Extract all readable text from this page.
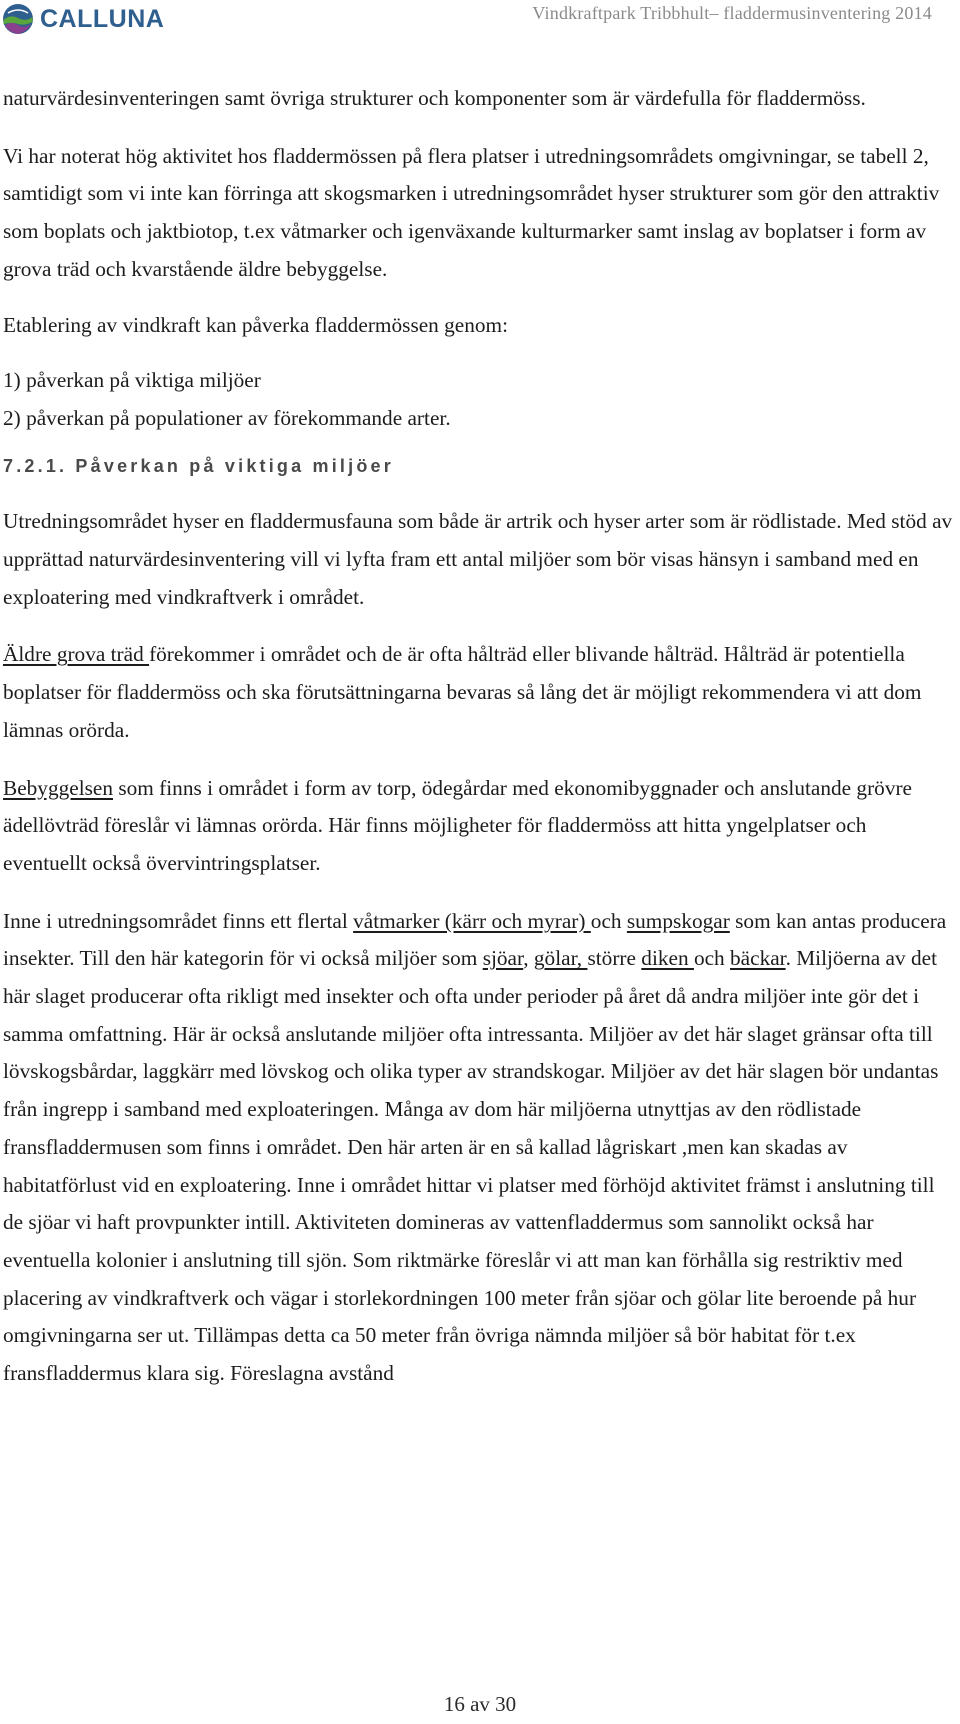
CALLUNA	Vindkraftpark Tribbhult– fladdermusinventering 2014

naturvärdesinventeringen samt övriga strukturer och komponenter som är värdefulla för fladdermöss.

Vi har noterat hög aktivitet hos fladdermössen på flera platser i utredningsområdets omgivningar, se tabell 2, samtidigt som vi inte kan förringa att skogsmarken i utredningsområdet hyser strukturer som gör den attraktiv som boplats och jaktbiotop, t.ex våtmarker och igenväxande kulturmarker samt inslag av boplatser i form av grova träd och kvarstående äldre bebyggelse.

Etablering av vindkraft kan påverka fladdermössen genom:

1) påverkan på viktiga miljöer

2) påverkan på populationer av förekommande arter.

7.2.1. Påverkan på viktiga miljöer

Utredningsområdet hyser en fladdermusfauna som både är artrik och hyser arter som är rödlistade. Med stöd av upprättad naturvärdesinventering vill vi lyfta fram ett antal miljöer som bör visas hänsyn i samband med en exploatering med vindkraftverk i området.

Äldre grova träd förekommer i området och de är ofta hålträd eller blivande hålträd. Hålträd är potentiella boplatser för fladdermöss och ska förutsättningarna bevaras så lång det är möjligt rekommendera vi att dom lämnas orörda.

Bebyggelsen som finns i området i form av torp, ödegårdar med ekonomibyggnader och anslutande grövre ädellövträd föreslår vi lämnas orörda. Här finns möjligheter för fladdermöss att hitta yngelplatser och eventuellt också övervintringsplatser.

Inne i utredningsområdet finns ett flertal våtmarker (kärr och myrar) och sumpskogar som kan antas producera insekter. Till den här kategorin för vi också miljöer som sjöar, gölar, större diken och bäckar. Miljöerna av det här slaget producerar ofta rikligt med insekter och ofta under perioder på året då andra miljöer inte gör det i samma omfattning. Här är också anslutande miljöer ofta intressanta. Miljöer av det här slaget gränsar ofta till lövskogsbårdar, laggkärr med lövskog och olika typer av strandskogar. Miljöer av det här slagen bör undantas från ingrepp i samband med exploateringen. Många av dom här miljöerna utnyttjas av den rödlistade fransfladdermusen som finns i området. Den här arten är en så kallad lågriskart ,men kan skadas av habitatförlust vid en exploatering. Inne i området hittar vi platser med förhöjd aktivitet främst i anslutning till de sjöar vi haft provpunkter intill. Aktiviteten domineras av vattenfladdermus som sannolikt också har eventuella kolonier i anslutning till sjön. Som riktmärke föreslår vi att man kan förhålla sig restriktiv med placering av vindkraftverk och vägar i storlekordningen 100 meter från sjöar och gölar lite beroende på hur omgivningarna ser ut. Tillämpas detta ca 50 meter från övriga nämnda miljöer så bör habitat för t.ex fransfladdermus klara sig. Föreslagna avstånd

16 av 30
